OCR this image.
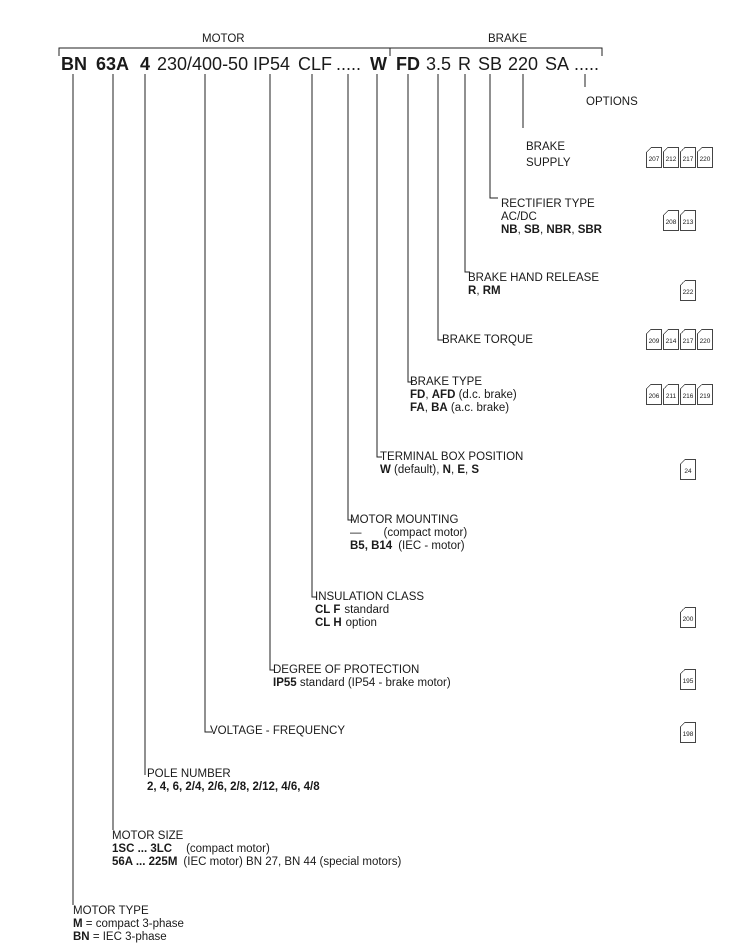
MOTOR	BRAKE
BN 63A 4 230/400-50 IP54 CLF ..... W FD 3.5 R SB 220 SA .....
OPTIONS
BRAKE
SUPPLY	207 212 217 220
RECTIFIER TYPE
AC/DC
NB, SB, NBR, SBR
208 213
BRAKE HAND RELEASE
R, RM	222
BRAKE TORQUE	209 214 217 220
BRAKE TYPE
FD, AFD (d.c. brake)
FA, BA (a.c. brake)
206 211 216 219
TERMINAL BOX POSITION
W (default), N, E, S	24
MOTOR MOUNTING
— (compact motor)
B5, B14 (IEC - motor)
INSULATION CLASS
CL F standard
CL H option	200
DEGREE OF PROTECTION
IP55 standard (IP54 - brake motor)	195
VOLTAGE - FREQUENCY	198
POLE NUMBER
2, 4, 6, 2/4, 2/6, 2/8, 2/12, 4/6, 4/8
MOTOR SIZE
1SC ... 3LC (compact motor)
56A ... 225M (IEC motor) BN 27, BN 44 (special motors)
MOTOR TYPE
M = compact 3-phase
BN = IEC 3-phase
